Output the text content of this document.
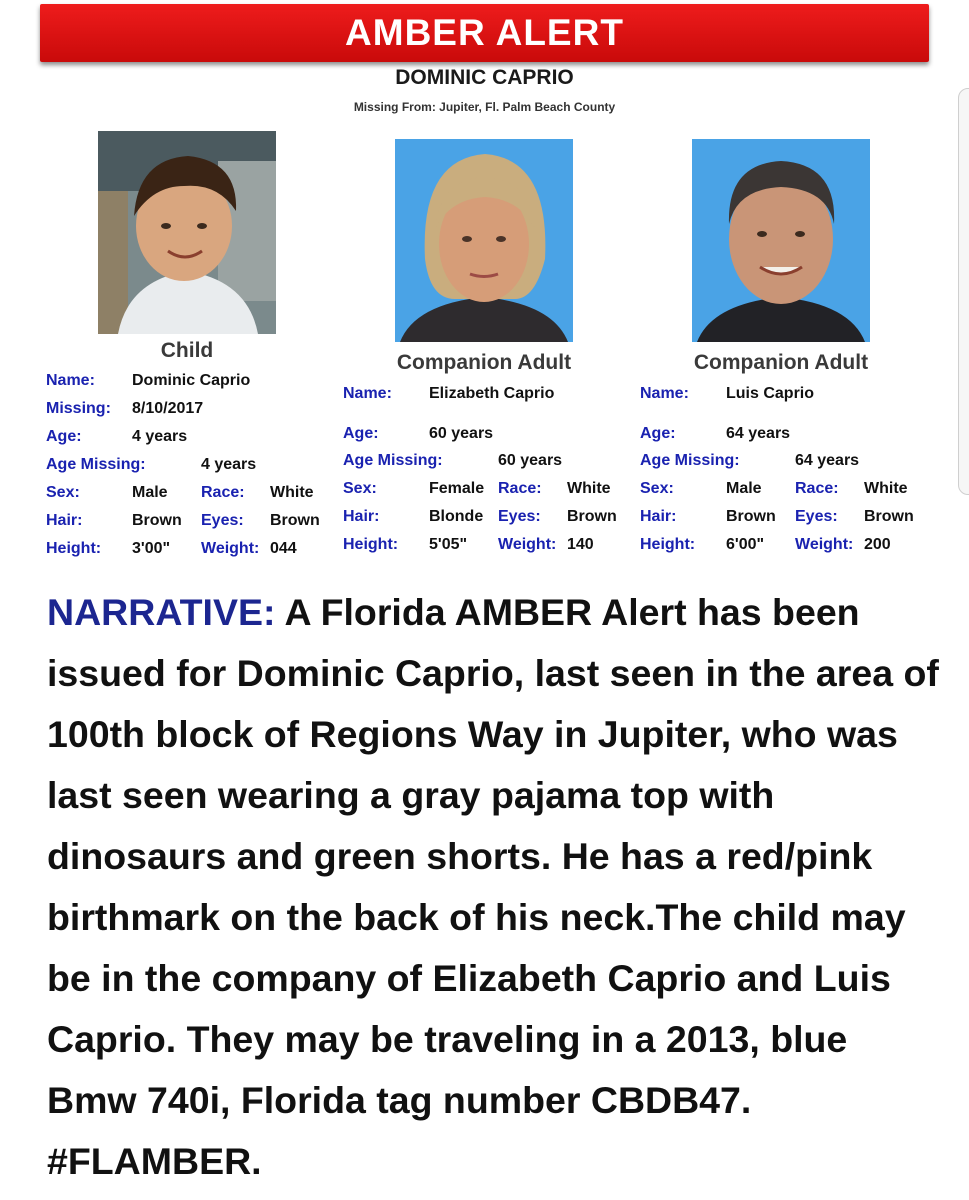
AMBER ALERT
DOMINIC CAPRIO
Missing From: Jupiter, Fl. Palm Beach County
Child
Companion Adult	Companion Adult
Name: Dominic Caprio
Missing: 8/10/2017
Age:	4 years
Age Missing:	4 years
Sex:	Male Race: White
Hair:	Brown Eyes: Brown
Height: 3'00" Weight: 044
Name: Elizabeth Caprio
Age:	60 years
Age Missing:	60 years
Sex:	Female Race: White
Hair:	Blonde Eyes: Brown
Height: 5'05" Weight: 140
Name: Luis Caprio
Age:	64 years
Age Missing:	64 years
Sex:	Male Race: White
Hair:	Brown Eyes: Brown
Height: 6'00" Weight: 200
NARRATIVE: A Florida AMBER Alert has been issued for Dominic Caprio, last seen in the area of 100th block of Regions Way in Jupiter, who was last seen wearing a gray pajama top with dinosaurs and green shorts. He has a red/pink birthmark on the back of his neck.The child may be in the company of Elizabeth Caprio and Luis Caprio. They may be traveling in a 2013, blue Bmw 740i, Florida tag number CBDB47. #FLAMBER.
